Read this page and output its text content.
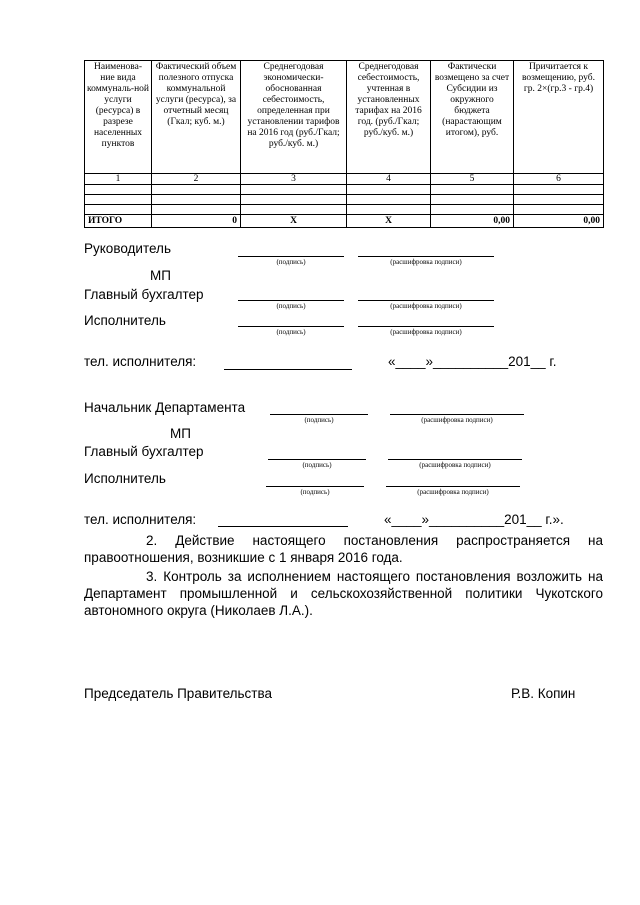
Наименова-ние вида коммуналь-ной услуги (ресурса) в разрезе населенных пунктов	Фактический объем полезного отпуска коммунальной услуги (ресурса), за отчетный месяц (Гкал; куб. м.)	Среднегодовая экономически-обоснованная себестоимость, определенная при установлении тарифов на 2016 год (руб./Гкал; руб./куб. м.)	Среднегодовая себестоимость, учтенная в установленных тарифах на 2016 год. (руб./Гкал; руб./куб. м.)	Фактически возмещено за счет Субсидии из окружного бюджета (нарастающим итогом), руб.	Причитается к возмещению, руб. гр. 2×(гр.3 - гр.4)
1	2	3	4	5	6

ИТОГО	0	Х	Х	0,00	0,00
Руководитель
(подпись)	(расшифровка подписи)
МП
Главный бухгалтер
(подпись)	(расшифровка подписи)
Исполнитель
(подпись)	(расшифровка подписи)
тел. исполнителя:	«____»__________201__ г.
Начальник Департамента
(подпись)	(расшифровка подписи)
МП
Главный бухгалтер
(подпись)	(расшифровка подписи)
Исполнитель
(подпись)	(расшифровка подписи)
тел. исполнителя:	«____»__________201__ г.».
2. Действие настоящего постановления распространяется на правоотношения, возникшие с 1 января 2016 года.
3. Контроль за исполнением настоящего постановления возложить на Департамент промышленной и сельскохозяйственной политики Чукотского автономного округа (Николаев Л.А.).
Председатель Правительства	Р.В. Копин
